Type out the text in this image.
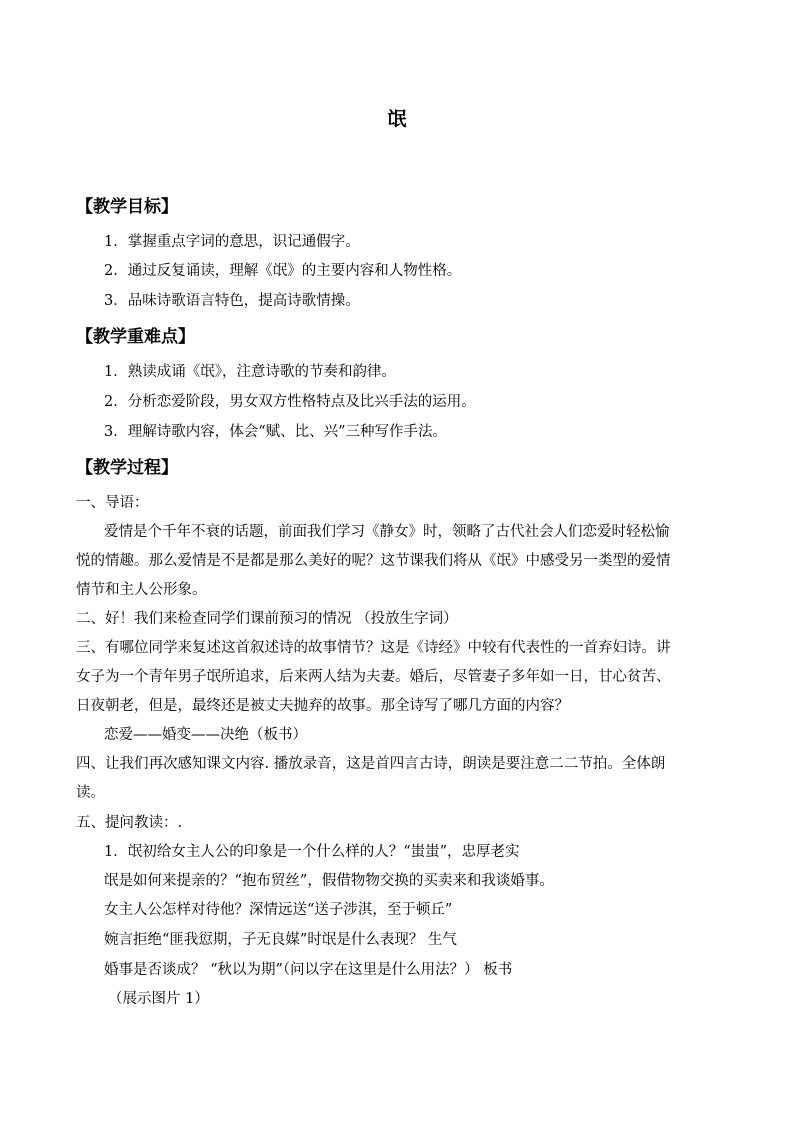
氓
【教学目标】
1．掌握重点字词的意思，识记通假字。
2．通过反复诵读，理解《氓》的主要内容和人物性格。
3．品味诗歌语言特色，提高诗歌情操。
【教学重难点】
1．熟读成诵《氓》，注意诗歌的节奏和韵律。
2．分析恋爱阶段，男女双方性格特点及比兴手法的运用。
3．理解诗歌内容，体会“赋、比、兴”三种写作手法。
【教学过程】
一、导语：
爱情是个千年不衰的话题，前面我们学习《静女》时，领略了古代社会人们恋爱时轻松愉
悦的情趣。那么爱情是不是都是那么美好的呢？这节课我们将从《氓》中感受另一类型的爱情
情节和主人公形象。
二、好！我们来检查同学们课前预习的情况 （投放生字词）
三、有哪位同学来复述这首叙述诗的故事情节？这是《诗经》中较有代表性的一首弃妇诗。讲
女子为一个青年男子氓所追求，后来两人结为夫妻。婚后，尽管妻子多年如一日，甘心贫苦、
日夜朝老，但是，最终还是被丈夫抛弃的故事。那全诗写了哪几方面的内容？
恋爱——婚变——决绝（板书）
四、让我们再次感知课文内容. 播放录音，这是首四言古诗，朗读是要注意二二节拍。全体朗
读。
五、提问教读：.
1．氓初给女主人公的印象是一个什么样的人？“蚩蚩”，忠厚老实
氓是如何来提亲的？“抱布贸丝”，假借物物交换的买卖来和我谈婚事。
女主人公怎样对待他？深情远送“送子涉淇，至于顿丘”
婉言拒绝“匪我愆期，子无良媒”时氓是什么表现？ 生气
婚事是否谈成？ “秋以为期”（问以字在这里是什么用法？） 板书
（展示图片 1）
